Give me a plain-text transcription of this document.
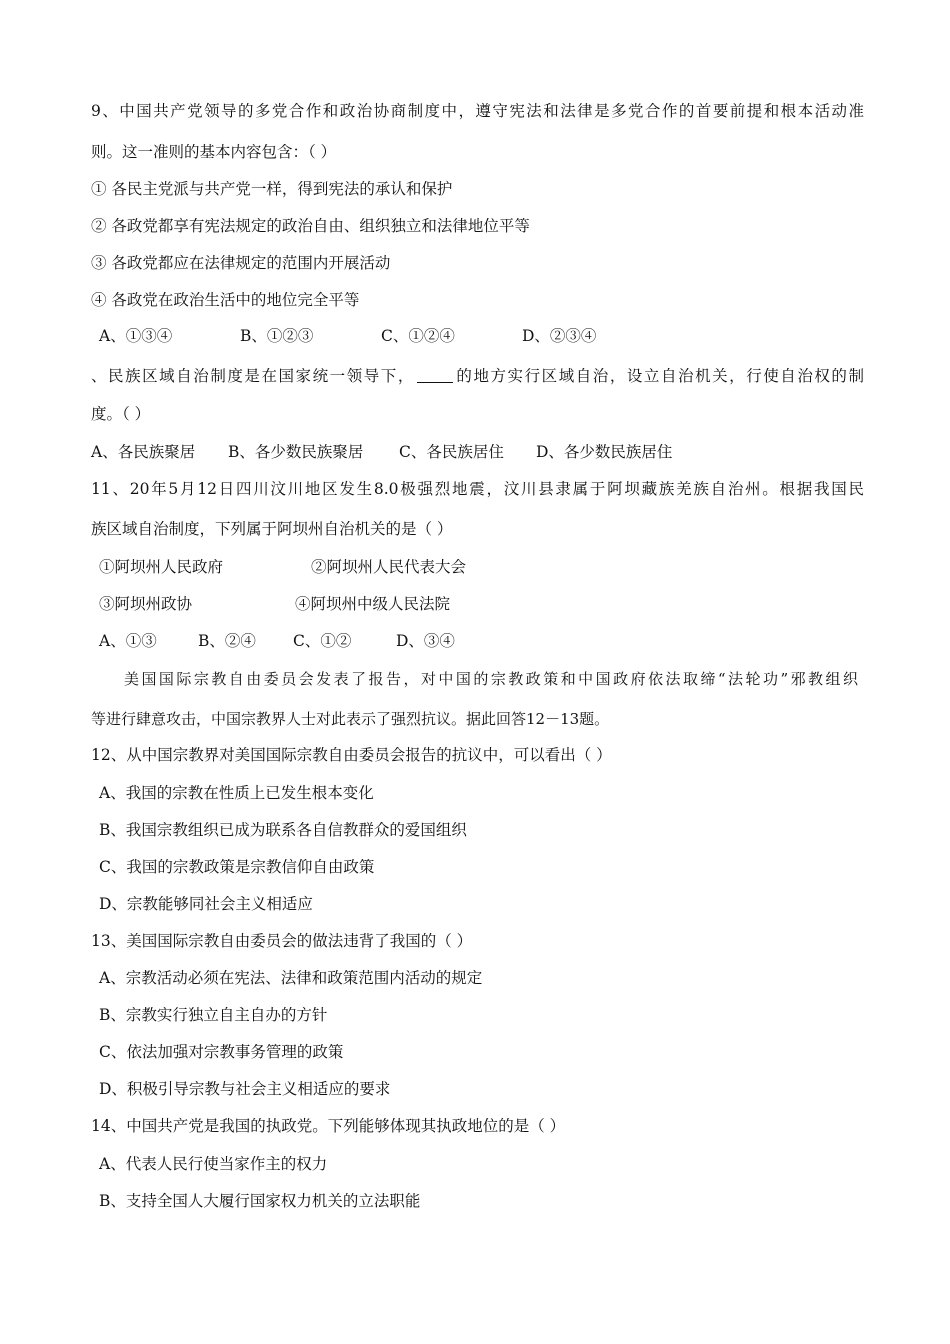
9、中国共产党领导的多党合作和政治协商制度中，遵守宪法和法律是多党合作的首要前提和根本活动准
则。这一准则的基本内容包含：（ ）
① 各民主党派与共产党一样，得到宪法的承认和保护
② 各政党都享有宪法规定的政治自由、组织独立和法律地位平等
③ 各政党都应在法律规定的范围内开展活动
④ 各政党在政治生活中的地位完全平等
A、①③④	B、①②③	C、①②④	D、②③④
、民族区域自治制度是在国家统一领导下，	的地方实行区域自治，设立自治机关，行使自治权的制
度。（ ）
A、各民族聚居 B、各少数民族聚居 C、各民族居住 D、各少数民族居住
11、20年5月12日四川汶川地区发生8.0极强烈地震，汶川县隶属于阿坝藏族羌族自治州。根据我国民
族区域自治制度，下列属于阿坝州自治机关的是（ ）
①阿坝州人民政府	②阿坝州人民代表大会
③阿坝州政协	④阿坝州中级人民法院
A、①③	B、②④ C、①②	D、③④
美国国际宗教自由委员会发表了报告，对中国的宗教政策和中国政府依法取缔“法轮功”邪教组织
等进行肆意攻击，中国宗教界人士对此表示了强烈抗议。据此回答12－13题。
12、从中国宗教界对美国国际宗教自由委员会报告的抗议中，可以看出（ ）
A、我国的宗教在性质上已发生根本变化
B、我国宗教组织已成为联系各自信教群众的爱国组织
C、我国的宗教政策是宗教信仰自由政策
D、宗教能够同社会主义相适应
13、美国国际宗教自由委员会的做法违背了我国的（ ）
A、宗教活动必须在宪法、法律和政策范围内活动的规定
B、宗教实行独立自主自办的方针
C、依法加强对宗教事务管理的政策
D、积极引导宗教与社会主义相适应的要求
14、中国共产党是我国的执政党。下列能够体现其执政地位的是（ ）
A、代表人民行使当家作主的权力
B、支持全国人大履行国家权力机关的立法职能
